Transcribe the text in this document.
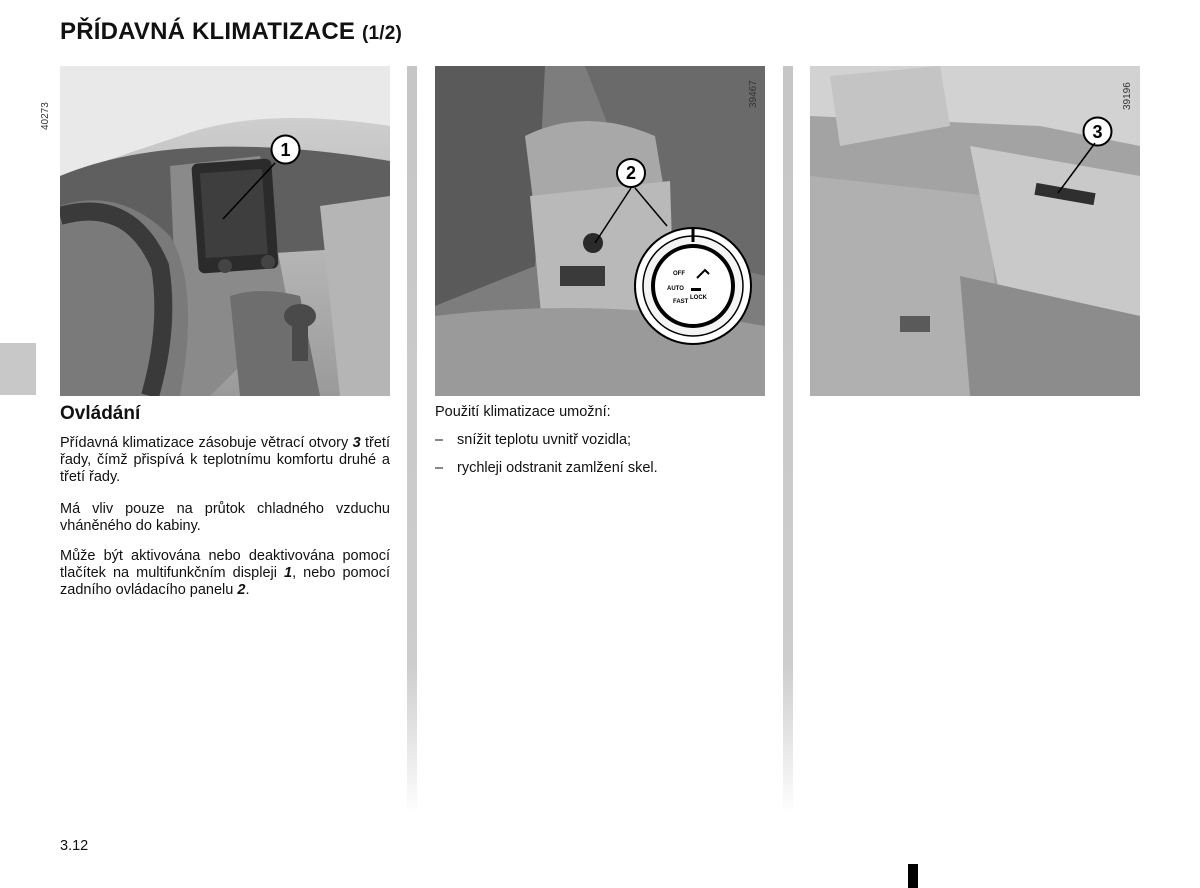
PŘÍDAVNÁ KLIMATIZACE (1/2)
1
40273
OFF
AUTO
FAST
LOCK
2
39467
3
39196
Ovládání

Přídavná klimatizace zásobuje větrací otvory 3 třetí řady, čímž přispívá k teplotnímu komfortu druhé a třetí řady.

Má vliv pouze na průtok chladného vzduchu vháněného do kabiny.

Může být aktivována nebo deaktivována pomocí tlačítek na multifunkčním displeji 1, nebo pomocí zadního ovládacího panelu 2.

Použití klimatizace umožní:
– snížit teplotu uvnitř vozidla;
– rychleji odstranit zamlžení skel.
3.12
